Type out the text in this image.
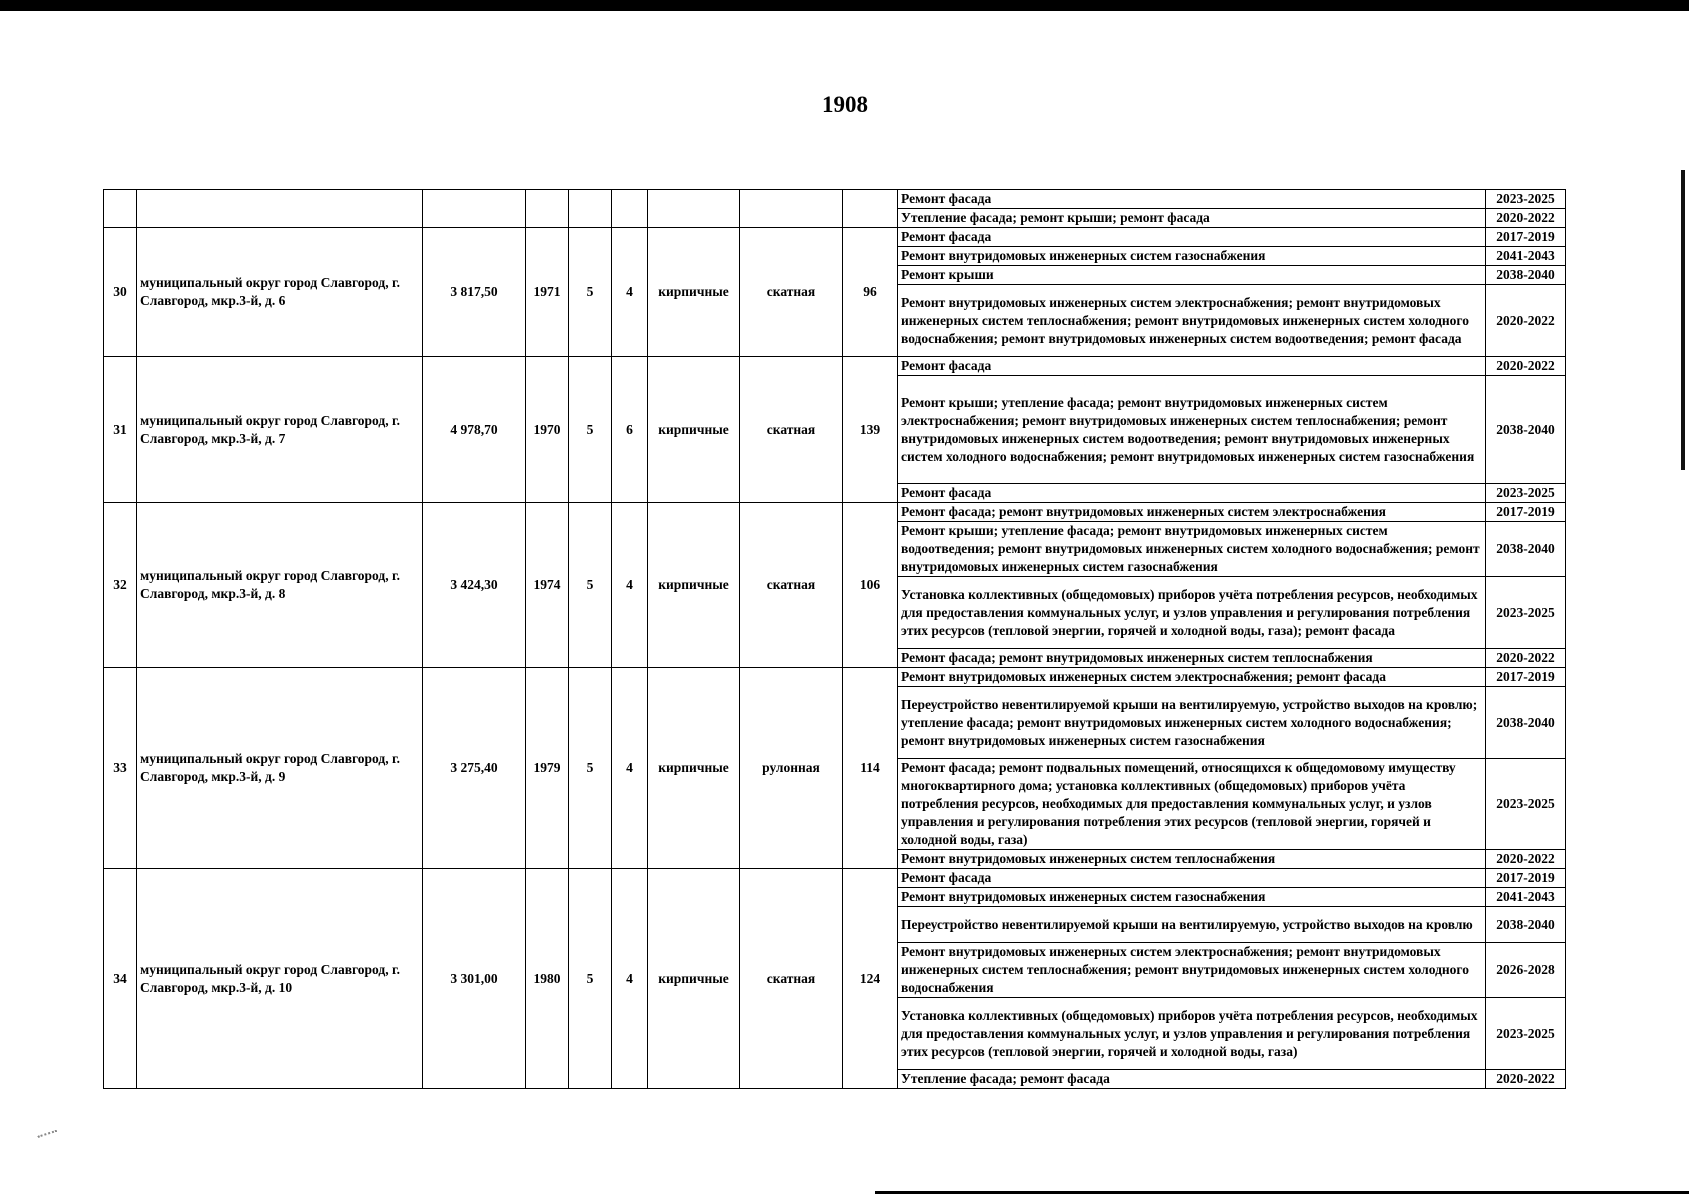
1908
									Ремонт фасада	2023-2025
									Утепление фасада; ремонт крыши; ремонт фасада	2020-2022
30	муниципальный округ город Славгород, г. Славгород, мкр.3-й, д. 6	3 817,50	1971	5	4	кирпичные	скатная	96	Ремонт фасада	2017-2019
									Ремонт внутридомовых инженерных систем газоснабжения	2041-2043
									Ремонт крыши	2038-2040
									Ремонт внутридомовых инженерных систем электроснабжения; ремонт внутридомовых инженерных систем теплоснабжения; ремонт внутридомовых инженерных систем холодного водоснабжения; ремонт внутридомовых инженерных систем водоотведения; ремонт фасада	2020-2022
31	муниципальный округ город Славгород, г. Славгород, мкр.3-й, д. 7	4 978,70	1970	5	6	кирпичные	скатная	139	Ремонт фасада	2020-2022
									Ремонт крыши; утепление фасада; ремонт внутридомовых инженерных систем электроснабжения; ремонт внутридомовых инженерных систем теплоснабжения; ремонт внутридомовых инженерных систем водоотведения; ремонт внутридомовых инженерных систем холодного водоснабжения; ремонт внутридомовых инженерных систем газоснабжения	2038-2040
									Ремонт фасада	2023-2025
32	муниципальный округ город Славгород, г. Славгород, мкр.3-й, д. 8	3 424,30	1974	5	4	кирпичные	скатная	106	Ремонт фасада; ремонт внутридомовых инженерных систем электроснабжения	2017-2019
									Ремонт крыши; утепление фасада; ремонт внутридомовых инженерных систем водоотведения; ремонт внутридомовых инженерных систем холодного водоснабжения; ремонт внутридомовых инженерных систем газоснабжения	2038-2040
									Установка коллективных (общедомовых) приборов учёта потребления ресурсов, необходимых для предоставления коммунальных услуг, и узлов управления и регулирования потребления этих ресурсов (тепловой энергии, горячей и холодной воды, газа); ремонт фасада	2023-2025
									Ремонт фасада; ремонт внутридомовых инженерных систем теплоснабжения	2020-2022
33	муниципальный округ город Славгород, г. Славгород, мкр.3-й, д. 9	3 275,40	1979	5	4	кирпичные	рулонная	114	Ремонт внутридомовых инженерных систем электроснабжения; ремонт фасада	2017-2019
									Переустройство невентилируемой крыши на вентилируемую, устройство выходов на кровлю; утепление фасада; ремонт внутридомовых инженерных систем холодного водоснабжения; ремонт внутридомовых инженерных систем газоснабжения	2038-2040
									Ремонт фасада; ремонт подвальных помещений, относящихся к общедомовому имуществу многоквартирного дома; установка коллективных (общедомовых) приборов учёта потребления ресурсов, необходимых для предоставления коммунальных услуг, и узлов управления и регулирования потребления этих ресурсов (тепловой энергии, горячей и холодной воды, газа)	2023-2025
									Ремонт внутридомовых инженерных систем теплоснабжения	2020-2022
34	муниципальный округ город Славгород, г. Славгород, мкр.3-й, д. 10	3 301,00	1980	5	4	кирпичные	скатная	124	Ремонт фасада	2017-2019
									Ремонт внутридомовых инженерных систем газоснабжения	2041-2043
									Переустройство невентилируемой крыши на вентилируемую, устройство выходов на кровлю	2038-2040
									Ремонт внутридомовых инженерных систем электроснабжения; ремонт внутридомовых инженерных систем теплоснабжения; ремонт внутридомовых инженерных систем холодного водоснабжения	2026-2028
									Установка коллективных (общедомовых) приборов учёта потребления ресурсов, необходимых для предоставления коммунальных услуг, и узлов управления и регулирования потребления этих ресурсов (тепловой энергии, горячей и холодной воды, газа)	2023-2025
									Утепление фасада; ремонт фасада	2020-2022
